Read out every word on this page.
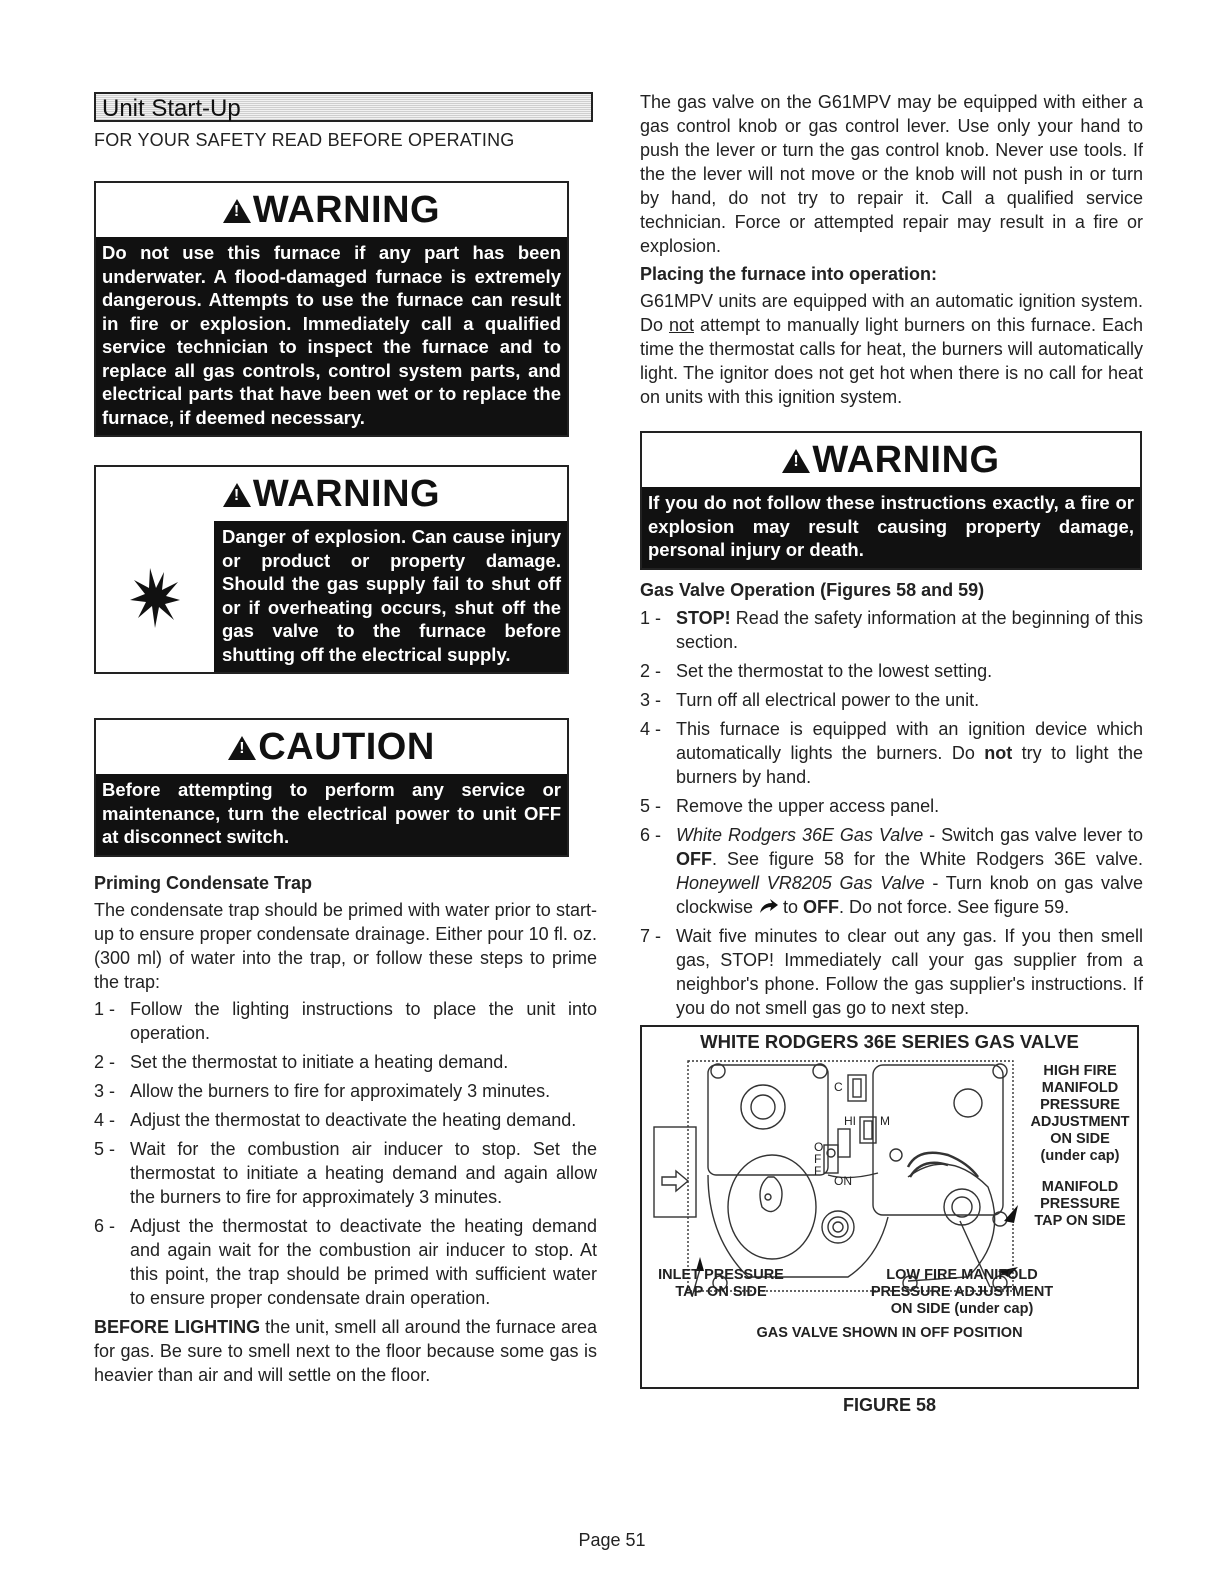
Unit Start-Up
FOR YOUR SAFETY READ BEFORE OPERATING
!WARNING
Do not use this furnace if any part has been underwater. A flood-damaged furnace is extremely dangerous. Attempts to use the furnace can result in fire or explosion. Immediately call a qualified service technician to inspect the furnace and to replace all gas controls, control system parts, and electrical parts that have been wet or to replace the furnace, if deemed necessary.
!WARNING
Danger of explosion. Can cause injury or product or property damage. Should the gas supply fail to shut off or if overheating occurs, shut off the gas valve to the furnace before shutting off the electrical supply.
!CAUTION
Before attempting to perform any service or maintenance, turn the electrical power to unit OFF at disconnect switch.
Priming Condensate Trap

The condensate trap should be primed with water prior to start-up to ensure proper condensate drainage. Either pour 10 fl. oz. (300 ml) of water into the trap, or follow these steps to prime the trap:

1 - Follow the lighting instructions to place the unit into operation.
2 - Set the thermostat to initiate a heating demand.
3 - Allow the burners to fire for approximately 3 minutes.
4 - Adjust the thermostat to deactivate the heating demand.
5 - Wait for the combustion air inducer to stop. Set the thermostat to initiate a heating demand and again allow the burners to fire for approximately 3 minutes.
6 - Adjust the thermostat to deactivate the heating demand and again wait for the combustion air inducer to stop. At this point, the trap should be primed with sufficient water to ensure proper condensate drain operation.

BEFORE LIGHTING the unit, smell all around the furnace area for gas. Be sure to smell next to the floor because some gas is heavier than air and will settle on the floor.

The gas valve on the G61MPV may be equipped with either a gas control knob or gas control lever. Use only your hand to push the lever or turn the gas control knob. Never use tools. If the the lever will not move or the knob will not push in or turn by hand, do not try to repair it. Call a qualified service technician. Force or attempted repair may result in a fire or explosion.

Placing the furnace into operation:

G61MPV units are equipped with an automatic ignition system. Do not attempt to manually light burners on this furnace. Each time the thermostat calls for heat, the burners will automatically light. The ignitor does not get hot when there is no call for heat on units with this ignition system.

!WARNING
If you do not follow these instructions exactly, a fire or explosion may result causing property damage, personal injury or death.
Gas Valve Operation (Figures 58 and 59)
1 - STOP! Read the safety information at the beginning of this section.
2 - Set the thermostat to the lowest setting.
3 - Turn off all electrical power to the unit.
4 - This furnace is equipped with an ignition device which automatically lights the burners. Do not try to light the burners by hand.
5 - Remove the upper access panel.
6 - White Rodgers 36E Gas Valve - Switch gas valve lever to OFF. See figure 58 for the White Rodgers 36E valve. Honeywell VR8205 Gas Valve - Turn knob on gas valve clockwise  to OFF. Do not force. See figure 59.
7 - Wait five minutes to clear out any gas. If you then smell gas, STOP! Immediately call your gas supplier from a neighbor's phone. Follow the gas supplier's instructions. If you do not smell gas go to next step.
WHITE RODGERS 36E SERIES GAS VALVE
C
M
HI
O
F
F
ON
HIGH FIRE
MANIFOLD
PRESSURE
ADJUSTMENT
ON SIDE
(under cap)
MANIFOLD
PRESSURE
TAP ON SIDE
INLET PRESSURE
TAP ON SIDE
LOW FIRE MANIFOLD
PRESSURE ADJUSTMENT
ON SIDE (under cap)
GAS VALVE SHOWN IN OFF POSITION
FIGURE 58
Page 51
